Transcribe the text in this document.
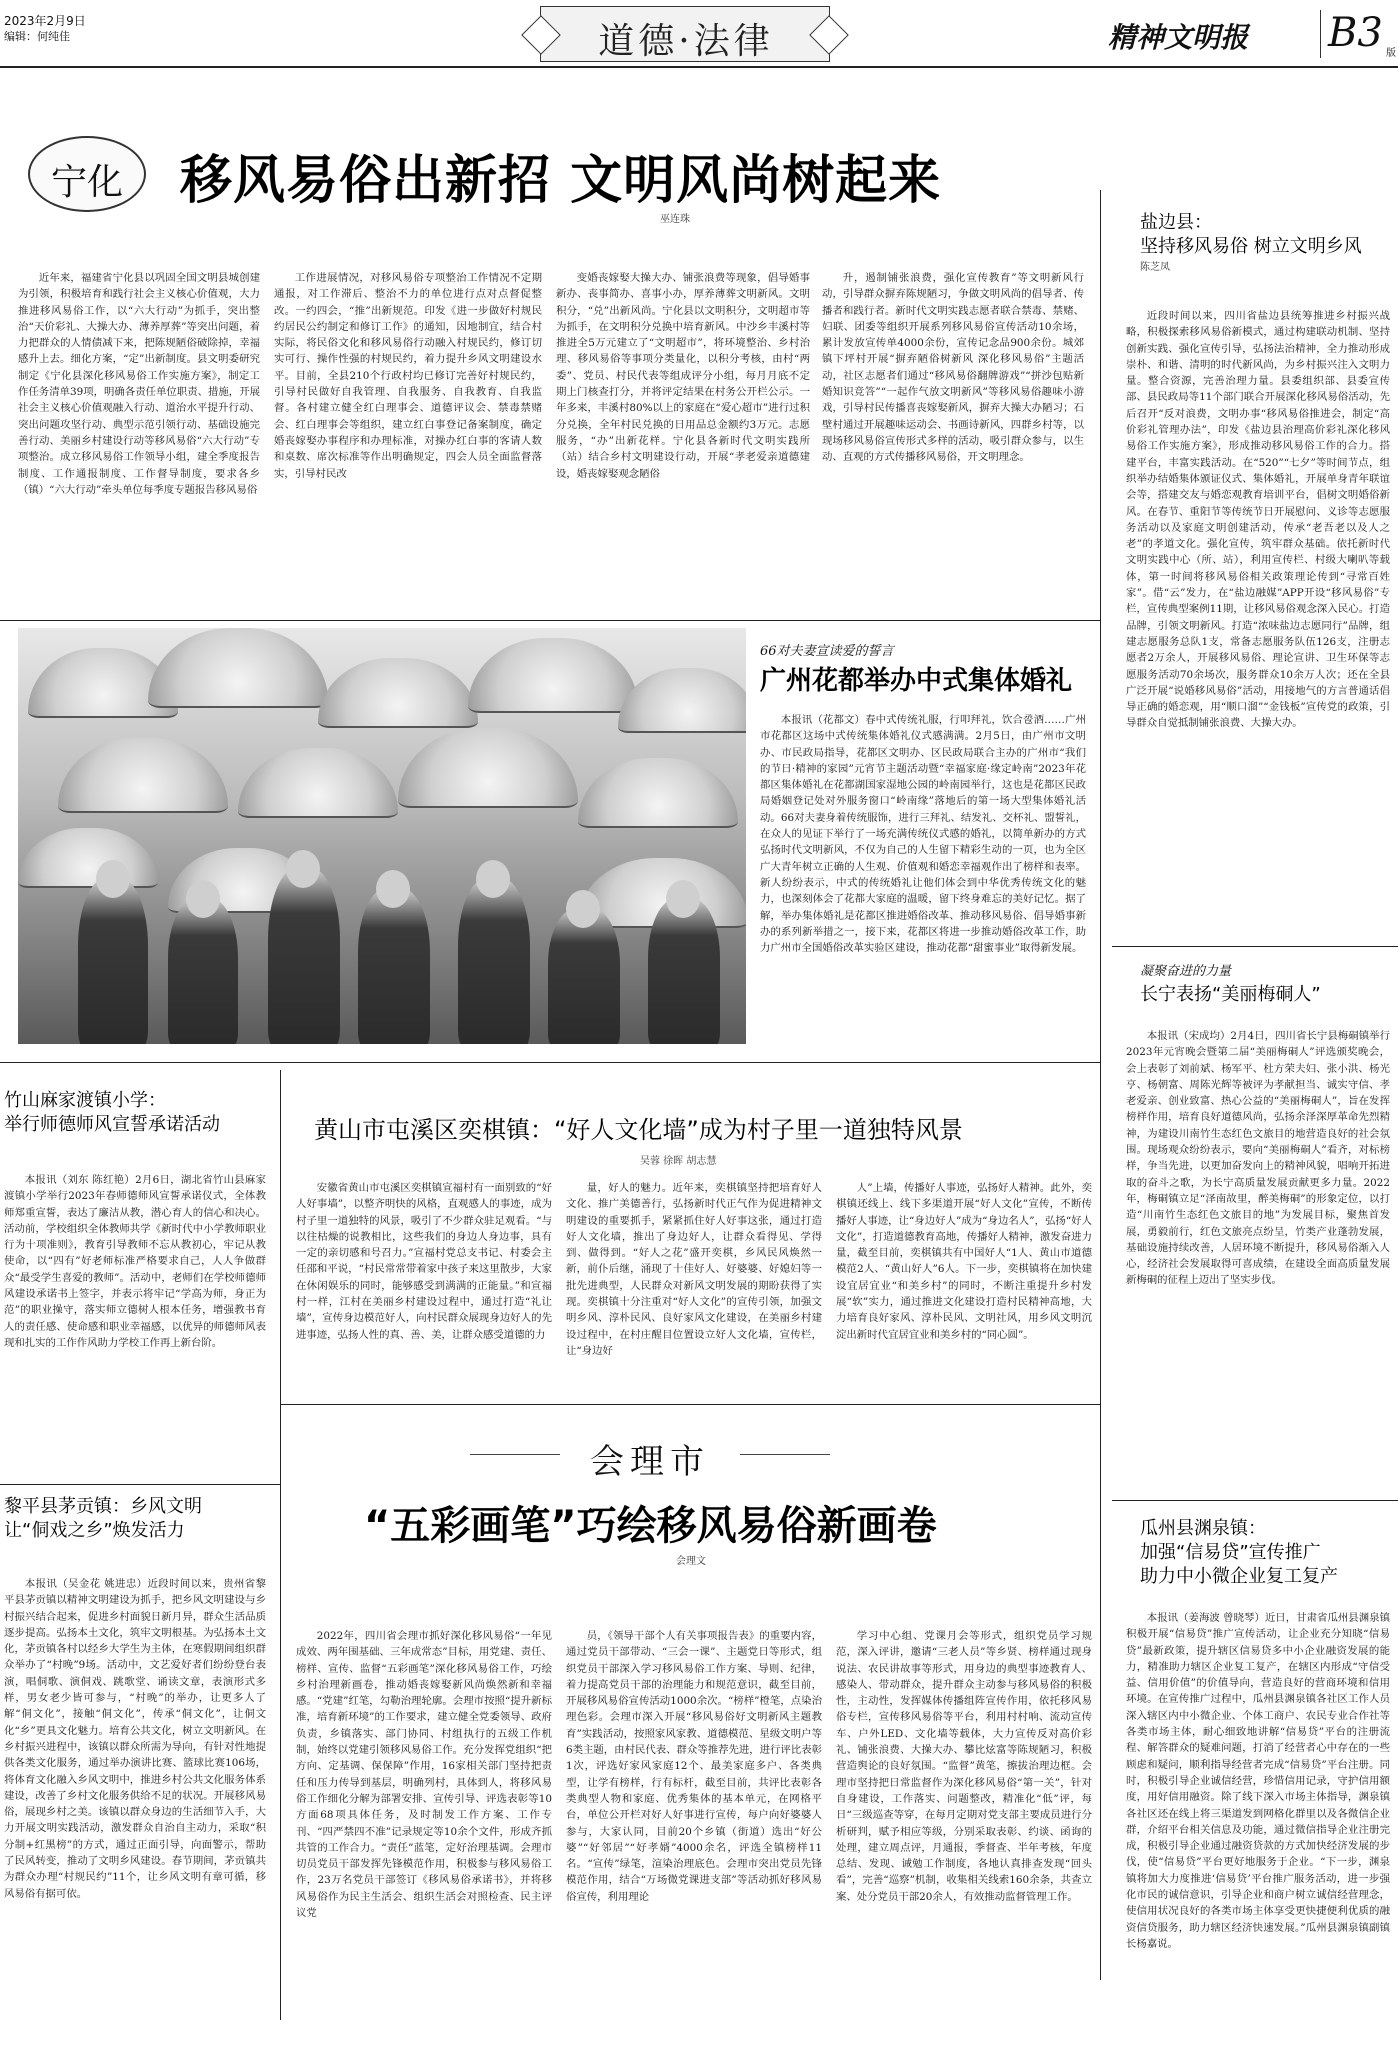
2023年2月9日
编辑：何纯佳	道德·法律	精神文明报 B3 版
宁化	移风易俗出新招 文明风尚树起来
巫连珠

近年来，福建省宁化县以巩固全国文明县城创建为引领，积极培育和践行社会主义核心价值观，大力推进移风易俗工作，以“六大行动”为抓手，突出整治“天价彩礼、大操大办、薄养厚葬”等突出问题，着力把群众的人情债减下来，把陈规陋俗破除掉，幸福感升上去。细化方案，“定”出新制度。县文明委研究制定《宁化县深化移风易俗工作实施方案》，制定工作任务清单39项，明确各责任单位职责、措施，开展社会主义核心价值观融入行动、道治水平提升行动、突出问题攻坚行动、典型示范引领行动、基础设施完善行动、美丽乡村建设行动等移风易俗“六大行动”专项整治。成立移风易俗工作领导小组，建全季度报告制度、工作通报制度、工作督导制度，要求各乡（镇）“六大行动”牵头单位每季度专题报告移风易俗

工作进展情况，对移风易俗专项整治工作情况不定期通报，对工作滞后、整治不力的单位进行点对点督促整改。一约四会，“推”出新规范。印发《进一步做好村规民约居民公约制定和修订工作》的通知，因地制宜，结合村实际，将民俗文化和移风易俗行动融入村规民约，修订切实可行、操作性强的村规民约，着力提升乡风文明建设水平。目前，全县210个行政村均已修订完善好村规民约，引导村民做好自我管理、自我服务、自我教育、自我监督。各村建立健全红白理事会、道德评议会、禁毒禁赌会、红白理事会等组织，建立红白事登记备案制度，确定婚丧嫁娶办事程序和办理标准，对操办红白事的客请人数和桌数、席次标准等作出明确规定，四会人员全面监督落实，引导村民改

变婚丧嫁娶大操大办、铺张浪费等现象，倡导婚事新办、丧事简办、喜事小办，厚养薄葬文明新风。文明积分，“兑”出新风尚。宁化县以文明积分，文明超市等为抓手，在文明积分兑换中培育新风。中沙乡丰溪村等推进全5万元建立了“文明超市”，将环境整治、乡村治理、移风易俗等事项分类量化，以积分考核，由村“两委”、党员、村民代表等组成评分小组，每月月底不定期上门核查打分，并将评定结果在村务公开栏公示。一年多来，丰溪村80%以上的家庭在“爱心超市”进行过积分兑换，全年村民兑换的日用品总金额约3万元。志愿服务，“办”出新花样。宁化县各新时代文明实践所（站）结合乡村文明建设行动，开展“孝老爱亲道德建设，婚丧嫁娶观念陋俗

升，遏制铺张浪费，强化宣传教育”等文明新风行动，引导群众摒弃陈规陋习，争做文明风尚的倡导者、传播者和践行者。新时代文明实践志愿者联合禁毒、禁赌、妇联、团委等组织开展系列移风易俗宣传活动10余场，累计发放宣传单4000余份，宣传记念品900余份。城郊镇下坪村开展“摒弃陋俗树新风 深化移风易俗”主题活动，社区志愿者们通过“移风易俗翻牌游戏”“拼沙包贴新婚知识竞答”“一起作气放文明新风”等移风易俗趣味小游戏，引导村民传播喜丧嫁娶新风，摒弃大操大办陋习；石壁村通过开展趣味运动会、书画诗新风，四群乡村等，以现场移风易俗宣传形式多样的活动，吸引群众参与，以生动、直观的方式传播移风易俗，开文明理念。

66对夫妻宣读爱的誓言
广州花都举办中式集体婚礼

本报讯（花都文）春中式传统礼服，行叩拜礼，饮合卺酒……广州市花都区这场中式传统集体婚礼仪式感满满。2月5日，由广州市文明办、市民政局指导，花都区文明办、区民政局联合主办的广州市“我们的节日·精神的家园”元宵节主题活动暨“幸福家庭·缘定岭南”2023年花都区集体婚礼在花都湖国家湿地公园的岭南园举行，这也是花都区民政局婚姻登记处对外服务窗口“岭南缘”落地后的第一场大型集体婚礼活动。66对夫妻身着传统服饰，进行三拜礼、结发礼、交杯礼、盟誓礼，在众人的见证下举行了一场充满传统仪式感的婚礼，以简单新办的方式弘扬时代文明新风，不仅为自己的人生留下精彩生动的一页，也为全区广大青年树立正确的人生观、价值观和婚恋幸福观作出了榜样和表率。新人纷纷表示，中式的传统婚礼让他们体会到中华优秀传统文化的魅力，也深刻体会了花都大家庭的温暖，留下终身难忘的美好记忆。据了解，举办集体婚礼是花都区推进婚俗改革、推动移风易俗、倡导婚事新办的系列新举措之一，接下来，花都区将进一步推动婚俗改革工作，助力广州市全国婚俗改革实验区建设，推动花都“甜蜜事业”取得新发展。

盐边县：
坚持移风易俗 树立文明乡风
陈芝凤

近段时间以来，四川省盐边县统筹推进乡村振兴战略，积极探索移风易俗新模式，通过构建联动机制、坚持创新实践、强化宣传引导，弘扬法治精神，全力推动形成崇朴、和谐、清明的时代新风尚，为乡村振兴注入文明力量。整合资源，完善治理力量。县委组织部、县委宣传部、县民政局等11个部门联合开展深化移风易俗活动，先后召开“反对浪费，文明办事“移风易俗推进会，制定“高价彩礼管理办法”，印发《盐边县治理高价彩礼深化移风易俗工作实施方案》，形成推动移风易俗工作的合力。搭建平台，丰富实践活动。在“520”“七夕”等时间节点，组织举办结婚集体颁证仪式、集体婚礼，开展单身青年联谊会等，搭建交友与婚恋观教育培训平台，倡树文明婚俗新风。在春节、重阳节等传统节日开展慰问、义诊等志愿服务活动以及家庭文明创建活动，传承“老吾老以及人之老”的孝道文化。强化宣传，筑牢群众基础。依托新时代文明实践中心（所、站），利用宣传栏、村级大喇叭等载体，第一时间将移风易俗相关政策理论传到“寻常百姓家”。借“云”发力，在“盐边融媒”APP开设“移风易俗”专栏，宣传典型案例11期，让移风易俗观念深入民心。打造品牌，引领文明新风。打造“浓味盐边志愿同行”品牌，组建志愿服务总队1支，常备志愿服务队伍126支，注册志愿者2万余人，开展移风易俗、理论宣讲、卫生环保等志愿服务活动70余场次，服务群众10余万人次；还在全县广泛开展“说婚移风易俗”活动，用接地气的方言普通话倡导正确的婚恋观，用“顺口溜”“金钱板”宣传党的政策，引导群众自觉抵制铺张浪费、大操大办。

凝聚奋进的力量
长宁表扬“美丽梅硐人”

本报讯（宋成均）2月4日，四川省长宁县梅硐镇举行2023年元宵晚会暨第二届“美丽梅硐人”评选颁奖晚会，会上表彰了刘前斌、杨军平、杜方荣夫妇、张小洪、杨光亨、杨朝富、周陈光辉等被评为孝献担当、诚实守信、孝老爱亲、创业致富、热心公益的“美丽梅硐人”，旨在发挥榜样作用，培育良好道德风尚，弘扬余泽深厚革命先烈精神，为建设川南竹生态红色文旅目的地营造良好的社会氛围。现场观众纷纷表示，要向“美丽梅硐人”看齐，对标榜样，争当先进，以更加奋发向上的精神风貌，唱响开拓进取的奋斗之歌，为长宁高质量发展贡献更多力量。2022年，梅硐镇立足“泽南故里，醉美梅硐”的形象定位，以打造“川南竹生态红色文旅目的地”为发展目标，聚焦首发展，勇毅前行，红色文旅亮点纷呈，竹类产业蓬勃发展，基础设施持续改善，人居环境不断提升，移风易俗渐入人心，经济社会发展取得可喜成绩，在建设全面高质量发展新梅硐的征程上迈出了坚实步伐。

瓜州县渊泉镇：
加强“信易贷”宣传推广
助力中小微企业复工复产

本报讯（姜海波 曾晓琴）近日，甘肃省瓜州县渊泉镇积极开展“信易贷”推广宣传活动，让企业充分知晓“信易贷”最新政策，提升辖区信易贷多中小企业融资发展的能力，精准助力辖区企业复工复产，在辖区内形成“守信受益、信用价值”的价值导向，营造良好的营商环境和信用环境。在宣传推广过程中，瓜州县渊泉镇各社区工作人员深入辖区内中小微企业、个体工商户、农民专业合作社等各类市场主体，耐心细致地讲解“信易贷”平台的注册流程、解答群众的疑难问题，打消了经营者心中存在的一些顾虑和疑问，顺利指导经营者完成“信易贷”平台注册。同时，积极引导企业诚信经营，珍惜信用记录，守护信用额度，用好信用融资。除了线下深入市场主体指导，渊泉镇各社区还在线上将三渠道发到网格化群里以及各微信企业群，介绍平台相关信息及功能，通过微信指导企业注册完成，积极引导企业通过融资贷款的方式加快经济发展的步伐，使“信易贷”平台更好地服务于企业。“下一步，渊泉镇将加大力度推进‘信易贷’平台推广服务活动，进一步强化市民的诚信意识，引导企业和商户树立诚信经营理念，使信用状况良好的各类市场主体享受更快捷便利优质的融资信贷服务，助力辖区经济快速发展。”瓜州县渊泉镇副镇长杨嘉说。

竹山麻家渡镇小学：
举行师德师风宣誓承诺活动

本报讯（刘东 陈红艳）2月6日，湖北省竹山县麻家渡镇小学举行2023年春师德师风宣誓承诺仪式，全体教师郑重宣誓，表达了廉洁从教，潜心育人的信心和决心。活动前，学校组织全体教师共学《新时代中小学教师职业行为十项准则》，教育引导教师不忘从教初心，牢记从教使命，以“四有”好老师标准严格要求自己，人人争做群众“最受学生喜爱的教师”。活动中，老师们在学校师德师风建设承诺书上签字，并表示将牢记“学高为师，身正为范”的职业操守，落实师立德树人根本任务，增强教书育人的责任感、使命感和职业幸福感，以优异的师德师风表现和扎实的工作作风助力学校工作再上新台阶。

黎平县茅贡镇：乡风文明
让“侗戏之乡”焕发活力

本报讯（吴金花 姚进忠）近段时间以来，贵州省黎平县茅贡镇以精神文明建设为抓手，把乡风文明建设与乡村振兴结合起来，促进乡村面貌日新月异，群众生活品质逐步提高。弘扬本土文化，筑牢文明根基。为弘扬本土文化，茅贡镇各村以经乡大学生为主体，在寒假期间组织群众举办了“村晚”9场。活动中，文艺爱好者们纷纷登台表演，唱侗歌、演侗戏、跳歌堂、诵读文章，表演形式多样，男女老少皆可参与，“村晚”的举办，让更多人了解“侗文化”，接触“侗文化”，传承“侗文化”，让侗文化“乡”更具文化魅力。培育公共文化，树立文明新风。在乡村振兴进程中，该镇以群众所需为导向，有针对性地提供各类文化服务，通过举办演讲比赛、篮球比赛106场，将体育文化融入乡风文明中，推进乡村公共文化服务体系建设，改善了乡村文化服务供给不足的状况。开展移风易俗，展现乡村之美。该镇以群众身边的生活细节入手，大力开展文明实践活动，激发群众自治自主动力，采取“积分制+红黑榜”的方式，通过正面引导，向面警示，帮助了民风转变，推动了文明乡风建设。春节期间，茅贡镇共为群众办理“村规民约”11个，让乡风文明有章可循，移风易俗有据可依。

黄山市屯溪区奕棋镇：“好人文化墙”成为村子里一道独特风景
吴蓉 徐晖 胡志慧

安徽省黄山市屯溪区奕棋镇宣福村有一面别致的“好人好事墙”，以整齐明快的风格，直观感人的事迹，成为村子里一道独特的风景，吸引了不少群众驻足观看。“与以往枯燥的说教相比，这些我们的身边人身边事，具有一定的亲切感和号召力。”宣福村党总支书记、村委会主任邵和平说，“村民常常带着家中孩子来这里散步，大家在休闲娱乐的同时，能够感受到满满的正能量。”和宣福村一样，江村在美丽乡村建设过程中，通过打造“礼让墙”，宣传身边模范好人，向村民群众展现身边好人的先进事迹，弘扬人性的真、善、美，让群众感受道德的力

量，好人的魅力。近年来，奕棋镇坚持把培育好人文化、推广美德善行，弘扬新时代正气作为促进精神文明建设的重要抓手，紧紧抓住好人好事这张，通过打造好人文化墙，推出了身边好人，让群众看得见、学得到、做得到。“好人之花”盛开奕棋，乡风民风焕然一新，前仆后继，涌现了十佳好人、好婆婆、好媳妇等一批先进典型，人民群众对新风文明发展的期盼获得了实现。奕棋镇十分注重对“好人文化”的宣传引领，加强文明乡风、淳朴民风、良好家风文化建设，在美丽乡村建设过程中，在村庄醒目位置设立好人文化墙，宣传栏，让“身边好

人”上墙，传播好人事迹，弘扬好人精神。此外，奕棋镇还线上、线下多渠道开展“好人文化”宣传，不断传播好人事迹，让“身边好人”成为“身边名人”，弘扬“好人文化”，打造道德教育高地，传播好人精神，激发奋进力量，截至目前，奕棋镇共有中国好人“1人、黄山市道德模范2人、“黄山好人”6人。下一步，奕棋镇将在加快建设宜居宜业“和美乡村”的同时，不断注重提升乡村发展“软”实力，通过推进文化建设打造村民精神高地，大力培育良好家风、淳朴民风、文明社风，用乡风文明沉淀出新时代宜居宜业和美乡村的“同心圆”。

会理市
“五彩画笔”巧绘移风易俗新画卷
会理文

2022年，四川省会理市抓好深化移风易俗“一年见成效、两年围基础、三年成常态”目标，用党建、责任、榜样、宣传、监督“五彩画笔”深化移风易俗工作，巧绘乡村治理新画卷，推动婚丧嫁娶新风尚焕然新和幸福感。“党建”红笔，勾勒治理轮廓。会理市按照“提升新标准，培育新环境”的工作要求，建立健全党委领导、政府负责，乡镇落实、部门协同、村组执行的五级工作机制，始终以党建引领移风易俗工作。充分发挥党组织“把方向、定基调、保保障”作用，16家相关部门坚持把责任和压力传导到基层，明确列村，具体到人，将移风易俗工作细化分解为部署安排、宣传引导、评选表彰等10方面68项具体任务，及时制发工作方案、工作专刊、“四严禁四不准”记录规定等10余个文件，形成齐抓共管的工作合力。“责任”蓝笔，定好治理基调。会理市切员党员干部发挥先锋模范作用，积极参与移风易俗工作，23万名党员干部签订《移风易俗承诺书》，并将移风易俗作为民主生活会、组织生活会对照检查、民主评议党

员，《领导干部个人有关事项报告表》的重要内容，通过党员干部带动、“三会一课”、主题党日等形式，组织党员干部深入学习移风易俗工作方案、导则、纪律，着力提高党员干部的治理能力和规范意识，截至目前，开展移风易俗宣传活动1000余次。“榜样”橙笔，点染治理色彩。会理市深入开展“移风易俗好文明新风主题教育”实践活动，按照家风家教、道德模范、星级文明户等6类主题，由村民代表、群众等推荐先进，进行评比表彰1次，评选好家风家庭12个、最美家庭多户、各类典型，让学有榜样，行有标杆，截至目前，共评比表彰各类典型人物和家庭、优秀集体的基本单元，在网格平台，单位公开栏对好人好事进行宣传，每户向好婆婆人参与，大家认同，目前20个乡镇（街道）选出“好公婆”“好邻居”“好孝婿”4000余名，评选全镇榜样11名。“宣传”绿笔，渲染治理底色。会理市突出党员先锋模范作用，结合“万场微党课进支部”等活动抓好移风易俗宣传，利用理论

学习中心组、党课月会等形式，组织党员学习规范，深入评讲，邀请“三老人员”等乡贤、榜样通过现身说法、农民讲故事等形式，用身边的典型事迹教育人、感染人、带动群众，提升群众主动参与移风易俗的积极性，主动性，发挥媒体传播组阵宣传作用，依托移风易俗专栏，宣传移风易俗等平台，利用村村响、流动宣传车、户外LED、文化墙等载体，大力宣传反对高价彩礼、铺张浪费、大操大办、攀比炫富等陈规陋习，积极营造舆论的良好氛围。“监督”黄笔，擦拔治理边框。会理市坚持把日常监督作为深化移风易俗“第一关”，针对自身建设，工作落实、问题整改，精准化“低”评，每日“三级巡查等穿，在每月定期对党支部主要成员进行分析研判，赋予相应等级，分别采取表彰、约谈、函询的处理，建立周点评，月通报，季督查、半年考核，年度总结、发现、诫勉工作制度，各地认真排查发现“回头看”，完善“巡察”机制，收集相关线索160余条，共查立案、处分党员干部20余人，有效推动监督管理工作。
